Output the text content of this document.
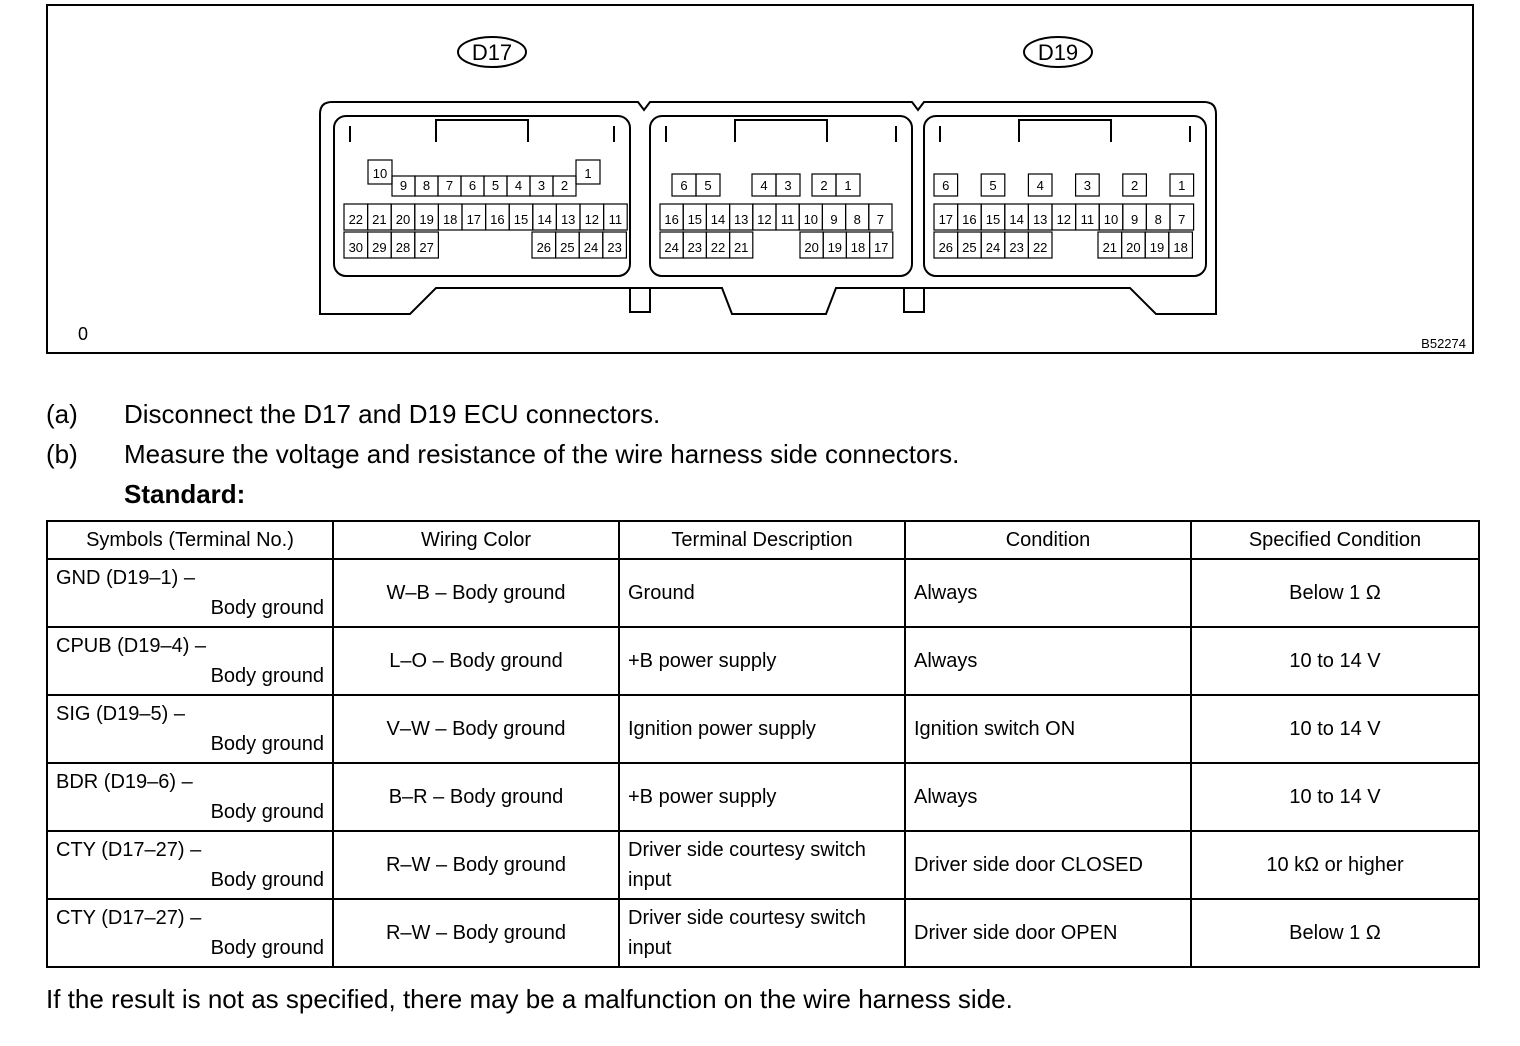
D17	D19
10
9 8 7 6 5 4 3 2
1
22 21 20 19 18 17 16 15 14 13 12 11
30 29 28 27	26 25 24 23
6 5	4 3 2 1
16 15 14 13 12 11 10 9 8 7
24 23 22 21	20 19 18 17
6	5	4	3	2	1
17 16 15 14 13 12 11 10 9 8 7
26 25 24 23 22	21 20 19 18
0	B52274
(a) Disconnect the D17 and D19 ECU connectors.
(b) Measure the voltage and resistance of the wire harness side connectors.
Standard:
Symbols (Terminal No.)	Wiring Color	Terminal Description	Condition	Specified Condition

GND (D19–1) –
Body ground	W–B – Body ground	Ground	Always	Below 1 Ω

CPUB (D19–4) –
Body ground	L–O – Body ground	+B power supply	Always	10 to 14 V

SIG (D19–5) –
Body ground	V–W – Body ground	Ignition power supply	Ignition switch ON	10 to 14 V

BDR (D19–6) –
Body ground	B–R – Body ground	+B power supply	Always	10 to 14 V

CTY (D17–27) –
Body ground	R–W – Body ground	Driver side courtesy switch input	Driver side door CLOSED	10 kΩ or higher

CTY (D17–27) –
Body ground	R–W – Body ground	Driver side courtesy switch input	Driver side door OPEN	Below 1 Ω
If the result is not as specified, there may be a malfunction on the wire harness side.
